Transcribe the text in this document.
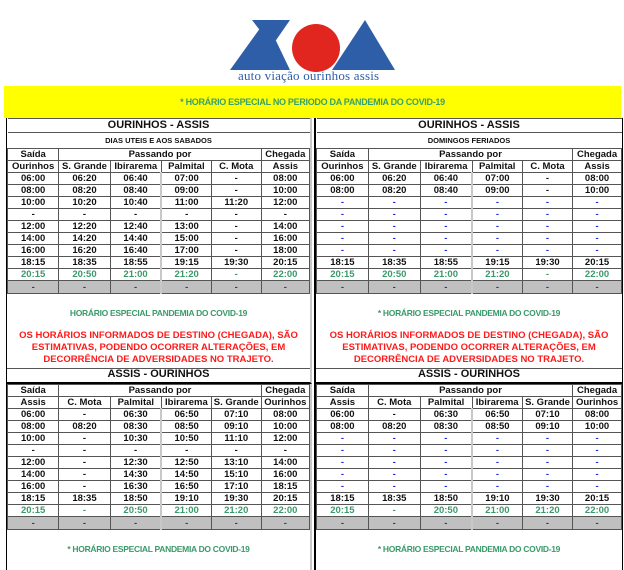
auto viação ourinhos assis
* HORÁRIO ESPECIAL NO PERIODO DA PANDEMIA DO COVID-19
OURINHOS - ASSIS					
DIAS UTEIS E AOS SABADOS					
Saída	Passando por				Chegada
Ourinhos	S. Grande	Ibirarema	Palmital	C. Mota	Assis
06:00	06:20	06:40	07:00	-	08:00
08:00	08:20	08:40	09:00	-	10:00
10:00	10:20	10:40	11:00	11:20	12:00
-	-	-	-	-	-
12:00	12:20	12:40	13:00	-	14:00
14:00	14:20	14:40	15:00	-	16:00
16:00	16:20	16:40	17:00	-	18:00
18:15	18:35	18:55	19:15	19:30	20:15
20:15	20:50	21:00	21:20	-	22:00
-	-	-	-	-	-
OURINHOS - ASSIS					
DOMINGOS FERIADOS					
Saída	Passando por				Chegada
Ourinhos	S. Grande	Ibirarema	Palmital	C. Mota	Assis
06:00	06:20	06:40	07:00	-	08:00
08:00	08:20	08:40	09:00	-	10:00
-	-	-	-	-	-
-	-	-	-	-	-
-	-	-	-	-	-
-	-	-	-	-	-
-	-	-	-	-	-
18:15	18:35	18:55	19:15	19:30	20:15
20:15	20:50	21:00	21:20	-	22:00
-	-	-	-	-	-
HORÁRIO ESPECIAL PANDEMIA DO COVID-19
OS HORÁRIOS INFORMADOS DE DESTINO (CHEGADA), SÃO ESTIMATIVAS, PODENDO OCORRER ALTERAÇÕES, EM DECORRÊNCIA DE ADVERSIDADES NO TRAJETO.
* HORÁRIO ESPECIAL PANDEMIA DO COVID-19
OS HORÁRIOS INFORMADOS DE DESTINO (CHEGADA), SÃO ESTIMATIVAS, PODENDO OCORRER ALTERAÇÕES, EM DECORRÊNCIA DE ADVERSIDADES NO TRAJETO.
ASSIS - OURINHOS	ASSIS - OURINHOS
Saída	Passando por				Chegada
Assis	C. Mota	Palmital	Ibirarema	S. Grande	Ourinhos
06:00	-	06:30	06:50	07:10	08:00
08:00	08:20	08:30	08:50	09:10	10:00
10:00	-	10:30	10:50	11:10	12:00
-	-	-	-	-	-
12:00	-	12:30	12:50	13:10	14:00
14:00	-	14:30	14:50	15:10	16:00
16:00	-	16:30	16:50	17:10	18:15
18:15	18:35	18:50	19:10	19:30	20:15
20:15	-	20:50	21:00	21:20	22:00
-	-	-	-	-	-
Saída	Passando por				Chegada
Assis	C. Mota	Palmital	Ibirarema	S. Grande	Ourinhos
06:00	-	06:30	06:50	07:10	08:00
08:00	08:20	08:30	08:50	09:10	10:00
-	-	-	-	-	-
-	-	-	-	-	-
-	-	-	-	-	-
-	-	-	-	-	-
-	-	-	-	-	-
18:15	18:35	18:50	19:10	19:30	20:15
20:15	-	20:50	21:00	21:20	22:00
-	-	-	-	-	-
* HORÁRIO ESPECIAL PANDEMIA DO COVID-19	* HORÁRIO ESPECIAL PANDEMIA DO COVID-19
